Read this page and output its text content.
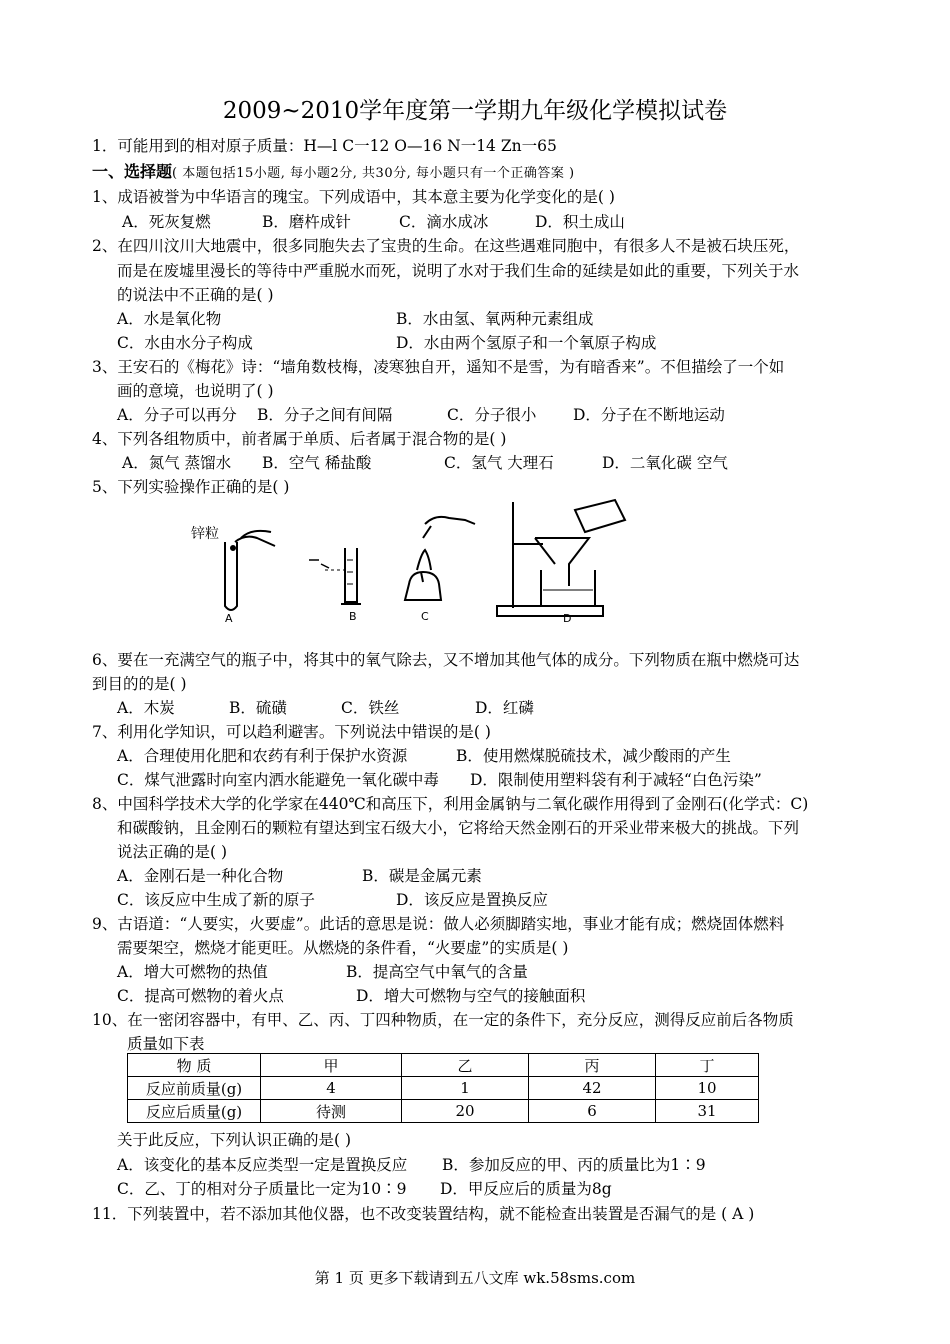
2009~2010学年度第一学期九年级化学模拟试卷
1．可能用到的相对原子质量：H—l C一12 O—16 N一14 Zn一65
一、选择题( 本题包括15小题, 每小题2分, 共30分, 每小题只有一个正确答案 )
1、成语被誉为中华语言的瑰宝。下列成语中，其本意主要为化学变化的是( )
A．死灰复燃	B．磨杵成针	C．滴水成冰	D．积土成山
2、在四川汶川大地震中，很多同胞失去了宝贵的生命。在这些遇难同胞中，有很多人不是被石块压死，
而是在废墟里漫长的等待中严重脱水而死，说明了水对于我们生命的延续是如此的重要，下列关于水
的说法中不正确的是( )
A．水是氧化物	B．水由氢、氧两种元素组成
C．水由水分子构成	D．水由两个氢原子和一个氧原子构成
3、王安石的《梅花》诗：“墙角数枝梅，凌寒独自开，遥知不是雪，为有暗香来”。不但描绘了一个如
画的意境，也说明了( )
A．分子可以再分 B．分子之间有间隔	C．分子很小 D．分子在不断地运动
4、下列各组物质中，前者属于单质、后者属于混合物的是( )
A．氮气 蒸馏水 B．空气 稀盐酸	C．氢气 大理石	D．二氧化碳 空气
5、下列实验操作正确的是( )
锌粒
A	B	C	D
6、要在一充满空气的瓶子中，将其中的氧气除去，又不增加其他气体的成分。下列物质在瓶中燃烧可达
到目的的是( )
A．木炭	B．硫磺	C．铁丝	D．红磷
7、利用化学知识，可以趋利避害。下列说法中错误的是( )
A．合理使用化肥和农药有利于保护水资源	B．使用燃煤脱硫技术，减少酸雨的产生
C．煤气泄露时向室内洒水能避免一氧化碳中毒 D．限制使用塑料袋有利于减轻“白色污染”
8、中国科学技术大学的化学家在440℃和高压下，利用金属钠与二氧化碳作用得到了金刚石(化学式：C)
和碳酸钠，且金刚石的颗粒有望达到宝石级大小，它将给天然金刚石的开采业带来极大的挑战。下列
说法正确的是( )
A．金刚石是一种化合物	B．碳是金属元素
C．该反应中生成了新的原子	D．该反应是置换反应
9、古语道：“人要实，火要虚”。此话的意思是说：做人必须脚踏实地，事业才能有成；燃烧固体燃料
需要架空，燃烧才能更旺。从燃烧的条件看，“火要虚”的实质是( )
A．增大可燃物的热值	B．提高空气中氧气的含量
C．提高可燃物的着火点	D．增大可燃物与空气的接触面积
10、在一密闭容器中，有甲、乙、丙、丁四种物质，在一定的条件下，充分反应，测得反应前后各物质
质量如下表
物 质	甲	乙	丙	丁
反应前质量(g)	4	1	42	10
反应后质量(g)	待测	20	6	31
关于此反应，下列认识正确的是( )
A．该变化的基本反应类型一定是置换反应 B．参加反应的甲、丙的质量比为1∶9
C．乙、丁的相对分子质量比一定为10∶9 D．甲反应后的质量为8g
11．下列装置中，若不添加其他仪器，也不改变装置结构，就不能检查出装置是否漏气的是 ( A )
第 1 页 更多下载请到五八文库 wk.58sms.com
